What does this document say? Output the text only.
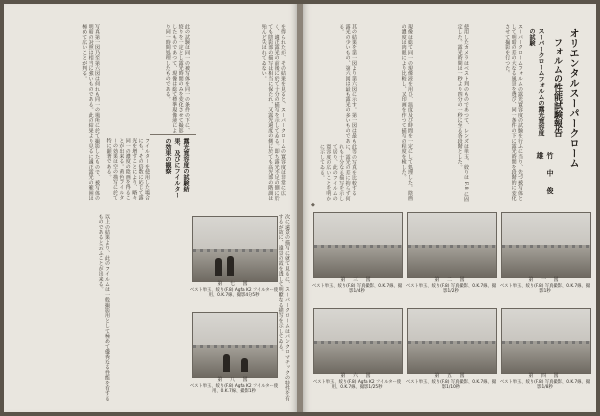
を得られたが、その結果を見ると、スーパークロームの寛容度は非常に広く、適正露光の前後に於て十分の描写を示してゐる。即ち露光不足の側に於ても陰影部の描写は相当に保たれ、又露光過度の側に於ても高光部の階調は殆んど失はれてゐない。
此の試験は同一の被写体を同一の条件の下に、絞りを一定とし露光時間のみを変化させて撮影したものであつて、現像は総て標準現像液により同一時間処理したものである。
写真第一図乃至第六図は何れも同一の場所に於て撮影したもので、被写体の明暗の対照は相当に強いものである。此の結果より見るに適正露光の範囲は極めて広いことが判る。
露光寛容度の試験結果、及びにフイルターの効果の観察
フイルターを使用した場合にも、その倍数に応じて露光を増すことにより、略々同一の濃度の陰画を得ることが出来る。黄色フイルターの効果は空の描写に於て特に顕著である。
次に遠景の描写に就て見るに、スーパークロームはパンクロマチックの特性を有するが故に、遠景の霞を透して明瞭なる描写を示してゐる。
以上の結果より、此のフイルムは一般撮影用として極めて優秀なる性能を有するものであると云ふことが出来る。	第 七 図
ベスト単玉、絞り(F.8) Agfa K2 フイルター使用、0.K.7線、撮影4分5秒
第 八 図
ベスト単玉、絞り(F.8) Agfa K2 フイルター使用、0.K.7線、撮影1秒
オリエンタルスーパークローム
フォルムの性能試験報告
スーパークロームフォルムの露光寛容度の試験
竹 中 俊 雄
スーパークロームフォルムの露光寛容度の試験を行ふに当り、先づ被写体として明暗の差の大なる風景を選び、同一条件の下に露光時間を段階的に変化させて撮影を行つた。
使用したカメラはベスト判のものであつて、レンズは単玉、絞りは F.8 に固定した。露光時間は一秒より四分の一秒に至る各段階とした。
現像は総て同一の現像液を用ひ、温度及び時間を一定にして処理した。陰画の濃度は肉眼により比較し、又印画を作つて描写の程度を検した。
其の結果を第一図より第六図に示す。第一図は最も露光の少いもの、第六図は最も露光の多いものである。
此等の写真を比較するに、露光の差に拘らず何れも十分なる描写を示して居り、此のフイルムの寛容度の広いことを明かに示してゐる。
◆
第 一 図
ベスト単玉、絞り(F.8) 写真撮影、0.K.7線、撮影1秒
第 二 図
ベスト単玉、絞り(F.8) 写真撮影、0.K.7線、撮影1/2秒
第 三 図
ベスト単玉、絞り(F.8) 写真撮影、0.K.7線、撮影1/4秒
第 四 図
ベスト単玉、絞り(F.8) 写真撮影、0.K.7線、撮影1/8秒
第 五 図
ベスト単玉、絞り(F.8) 写真撮影、0.K.7線、撮影1/10秒
第 六 図
ベスト単玉、絞り(F.8) Agfa K2 フイルター使用、0.K.7線、撮影1/25秒
